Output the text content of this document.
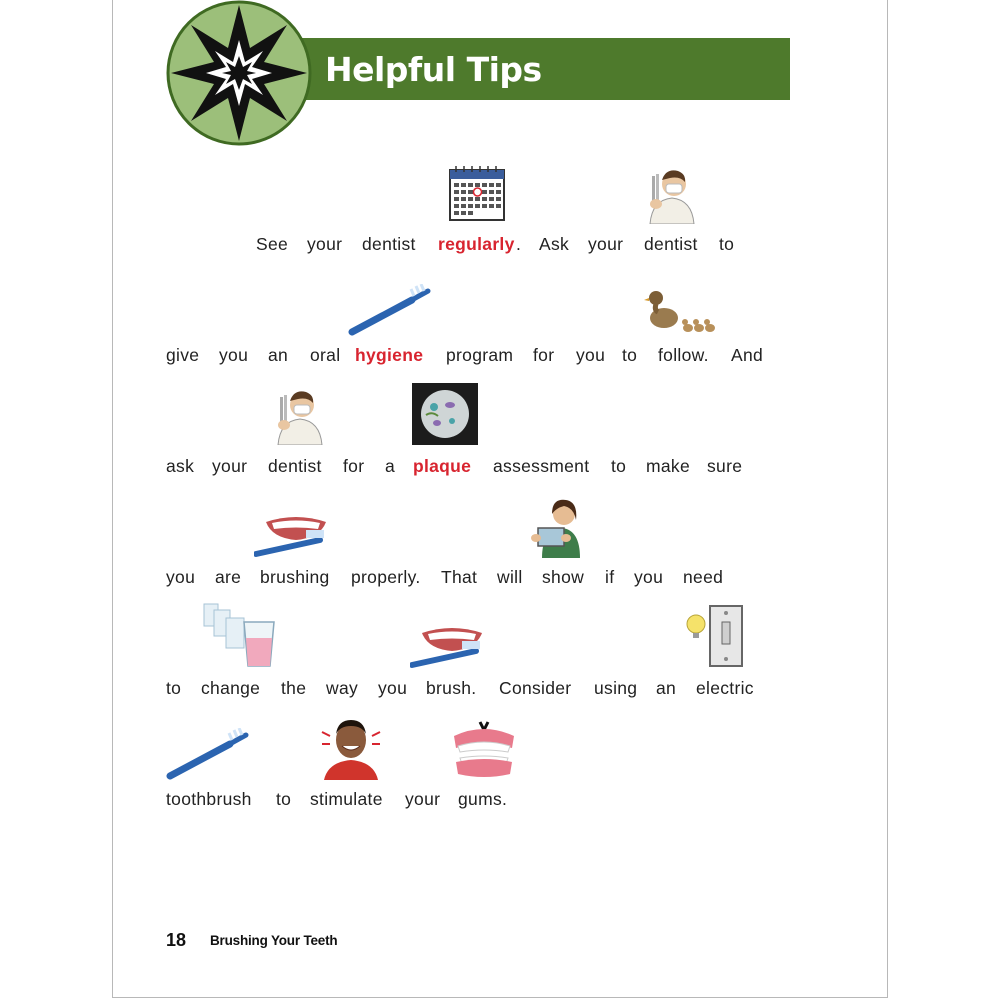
Helpful Tips
See your dentist regularly . Ask your dentist to
give you an oral hygiene program for you to follow. And
ask your dentist for a plaque assessment to make sure
you are brushing properly. That will show if you need
to change the way you brush. Consider using an electric
toothbrush to stimulate your gums.
18 Brushing Your Teeth
